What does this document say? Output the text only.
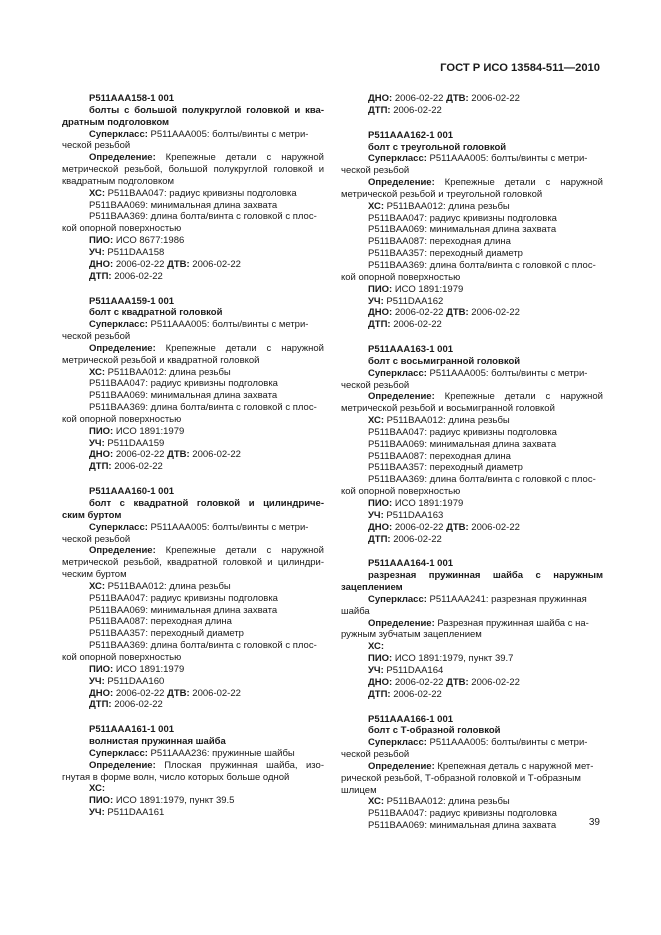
ГОСТ Р ИСО 13584-511—2010
P511AAA158-1 001
болты с большой полукруглой головкой и ква-
дратным подголовком
Суперкласс: P511AAA005: болты/винты с метри-
ческой резьбой
Определение: Крепежные детали с наружной
метрической резьбой, большой полукруглой головкой и
квадратным подголовком
ХС: P511BAA047: радиус кривизны подголовка
P511BAA069: минимальная длина захвата
P511BAA369: длина болта/винта с головкой с плос-
кой опорной поверхностью
ПИО: ИСО 8677:1986
УЧ: P511DAA158
ДНО: 2006-02-22 ДТВ: 2006-02-22
ДТП: 2006-02-22
P511AAA159-1 001
болт с квадратной головкой
Суперкласс: P511AAA005: болты/винты с метри-
ческой резьбой
Определение: Крепежные детали с наружной
метрической резьбой и квадратной головкой
ХС: P511BAA012: длина резьбы
P511BAA047: радиус кривизны подголовка
P511BAA069: минимальная длина захвата
P511BAA369: длина болта/винта с головкой с плос-
кой опорной поверхностью
ПИО: ИСО 1891:1979
УЧ: P511DAA159
ДНО: 2006-02-22 ДТВ: 2006-02-22
ДТП: 2006-02-22
P511AAA160-1 001
болт с квадратной головкой и цилиндриче-
ским буртом
Суперкласс: P511AAA005: болты/винты с метри-
ческой резьбой
Определение: Крепежные детали с наружной
метрической резьбой, квадратной головкой и цилиндри-
ческим буртом
ХС: P511BAA012: длина резьбы
P511BAA047: радиус кривизны подголовка
P511BAA069: минимальная длина захвата
P511BAA087: переходная длина
P511BAA357: переходный диаметр
P511BAA369: длина болта/винта с головкой с плос-
кой опорной поверхностью
ПИО: ИСО 1891:1979
УЧ: P511DAA160
ДНО: 2006-02-22 ДТВ: 2006-02-22
ДТП: 2006-02-22
P511AAA161-1 001
волнистая пружинная шайба
Суперкласс: P511AAA236: пружинные шайбы
Определение: Плоская пружинная шайба, изо-
гнутая в форме волн, число которых больше одной
ХС:
ПИО: ИСО 1891:1979, пункт 39.5
УЧ: P511DAA161
ДНО: 2006-02-22 ДТВ: 2006-02-22
ДТП: 2006-02-22
P511AAA162-1 001
болт с треугольной головкой
Суперкласс: P511AAA005: болты/винты с метри-
ческой резьбой
Определение: Крепежные детали с наружной
метрической резьбой и треугольной головкой
ХС: P511BAA012: длина резьбы
P511BAA047: радиус кривизны подголовка
P511BAA069: минимальная длина захвата
P511BAA087: переходная длина
P511BAA357: переходный диаметр
P511BAA369: длина болта/винта с головкой с плос-
кой опорной поверхностью
ПИО: ИСО 1891:1979
УЧ: P511DAA162
ДНО: 2006-02-22 ДТВ: 2006-02-22
ДТП: 2006-02-22
P511AAA163-1 001
болт с восьмигранной головкой
Суперкласс: P511AAA005: болты/винты с метри-
ческой резьбой
Определение: Крепежные детали с наружной
метрической резьбой и восьмигранной головкой
ХС: P511BAA012: длина резьбы
P511BAA047: радиус кривизны подголовка
P511BAA069: минимальная длина захвата
P511BAA087: переходная длина
P511BAA357: переходный диаметр
P511BAA369: длина болта/винта с головкой с плос-
кой опорной поверхностью
ПИО: ИСО 1891:1979
УЧ: P511DAA163
ДНО: 2006-02-22 ДТВ: 2006-02-22
ДТП: 2006-02-22
P511AAA164-1 001
разрезная пружинная шайба с наружным
зацеплением
Суперкласс: P511AAA241: разрезная пружинная
шайба
Определение: Разрезная пружинная шайба с на-
ружным зубчатым зацеплением
ХС:
ПИО: ИСО 1891:1979, пункт 39.7
УЧ: P511DAA164
ДНО: 2006-02-22 ДТВ: 2006-02-22
ДТП: 2006-02-22
P511AAA166-1 001
болт с Т-образной головкой
Суперкласс: P511AAA005: болты/винты с метри-
ческой резьбой
Определение: Крепежная деталь с наружной мет-
рической резьбой, Т-образной головкой и Т-образным
шлицем
ХС: P511BAA012: длина резьбы
P511BAA047: радиус кривизны подголовка
P511BAA069: минимальная длина захвата	39
